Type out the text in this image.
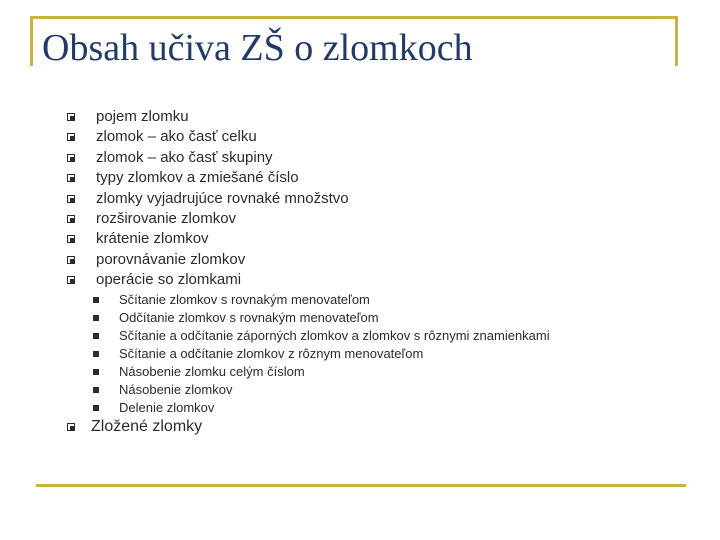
Obsah učiva ZŠ o zlomkoch
pojem zlomku
zlomok – ako časť celku
zlomok – ako časť skupiny
typy zlomkov a zmiešané číslo
zlomky vyjadrujúce rovnaké množstvo
rozširovanie zlomkov
krátenie zlomkov
porovnávanie zlomkov
operácie so zlomkami
Sčítanie zlomkov s rovnakým menovateľom
Odčítanie zlomkov s rovnakým menovateľom
Sčítanie a odčítanie záporných zlomkov a zlomkov s rôznymi znamienkami
Sčítanie a odčítanie zlomkov z rôznym menovateľom
Násobenie zlomku celým číslom
Násobenie zlomkov
Delenie zlomkov
Zložené zlomky
